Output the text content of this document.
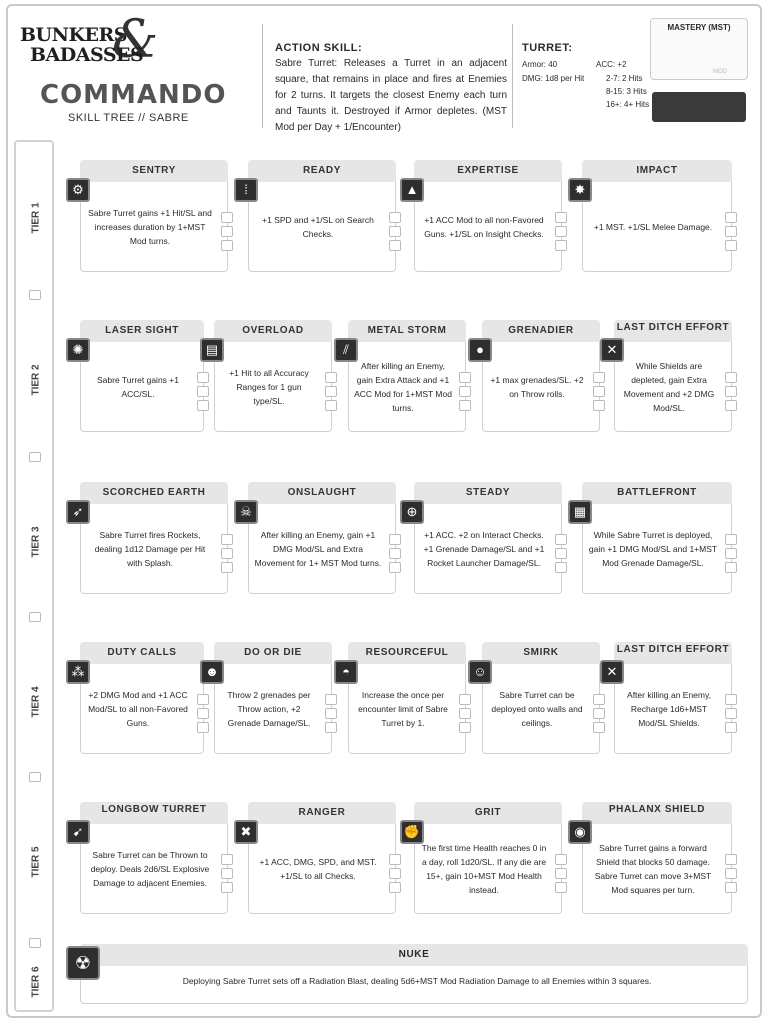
BUNKERS
&
BADASSES
COMMANDO
SKILL TREE // SABRE
ACTION SKILL:
Sabre Turret: Releases a Turret in an adjacent square, that remains in place and fires at Enemies for 2 turns. It targets the closest Enemy each turn and Taunts it. Destroyed if Armor depletes. (MST Mod per Day + 1/Encounter)
TURRET:
Armor: 40
DMG: 1d8 per Hit
ACC: +2
2-7: 2 Hits
8-15: 3 Hits
16+: 4+ Hits
MASTERY (MST)
MOD
TIER 1
TIER 2
TIER 3
TIER 4
TIER 5
TIER 6
SENTRY
Sabre Turret gains +1 Hit/SL and increases duration by 1+MST Mod turns.
⚙
READY
+1 SPD and +1/SL on Search Checks.
⁞
EXPERTISE
+1 ACC Mod to all non-Favored Guns. +1/SL on Insight Checks.
▲
IMPACT
+1 MST. +1/SL Melee Damage.
✸
LASER SIGHT
Sabre Turret gains +1 ACC/SL.
✺
OVERLOAD
+1 Hit to all Accuracy Ranges for 1 gun type/SL.
▤
METAL STORM
After killing an Enemy, gain Extra Attack and +1 ACC Mod for 1+MST Mod turns.
⫽
GRENADIER
+1 max grenades/SL. +2 on Throw rolls.
●
LAST DITCH EFFORT
While Shields are depleted, gain Extra Movement and +2 DMG Mod/SL.
✕
SCORCHED EARTH
Sabre Turret fires Rockets, dealing 1d12 Damage per Hit with Splash.
➶
ONSLAUGHT
After killing an Enemy, gain +1 DMG Mod/SL and Extra Movement for 1+ MST Mod turns.
☠
STEADY
+1 ACC. +2 on Interact Checks. +1 Grenade Damage/SL and +1 Rocket Launcher Damage/SL.
⊕
BATTLEFRONT
While Sabre Turret is deployed, gain +1 DMG Mod/SL and 1+MST Mod Grenade Damage/SL.
▦
DUTY CALLS
+2 DMG Mod and +1 ACC Mod/SL to all non-Favored Guns.
⁂
DO OR DIE
Throw 2 grenades per Throw action, +2 Grenade Damage/SL.
☻
RESOURCEFUL
Increase the once per encounter limit of Sabre Turret by 1.
◓
SMIRK
Sabre Turret can be deployed onto walls and ceilings.
☺
LAST DITCH EFFORT
After killing an Enemy, Recharge 1d6+MST Mod/SL Shields.
✕
LONGBOW TURRET
Sabre Turret can be Thrown to deploy. Deals 2d6/SL Explosive Damage to adjacent Enemies.
➹
RANGER
+1 ACC, DMG, SPD, and MST. +1/SL to all Checks.
✖
GRIT
The first time Health reaches 0 in a day, roll 1d20/SL. If any die are 15+, gain 10+MST Mod Health instead.
✊
PHALANX SHIELD
Sabre Turret gains a forward Shield that blocks 50 damage. Sabre Turret can move 3+MST Mod squares per turn.
◉
NUKE
Deploying Sabre Turret sets off a Radiation Blast, dealing 5d6+MST Mod Radiation Damage to all Enemies within 3 squares.
☢
